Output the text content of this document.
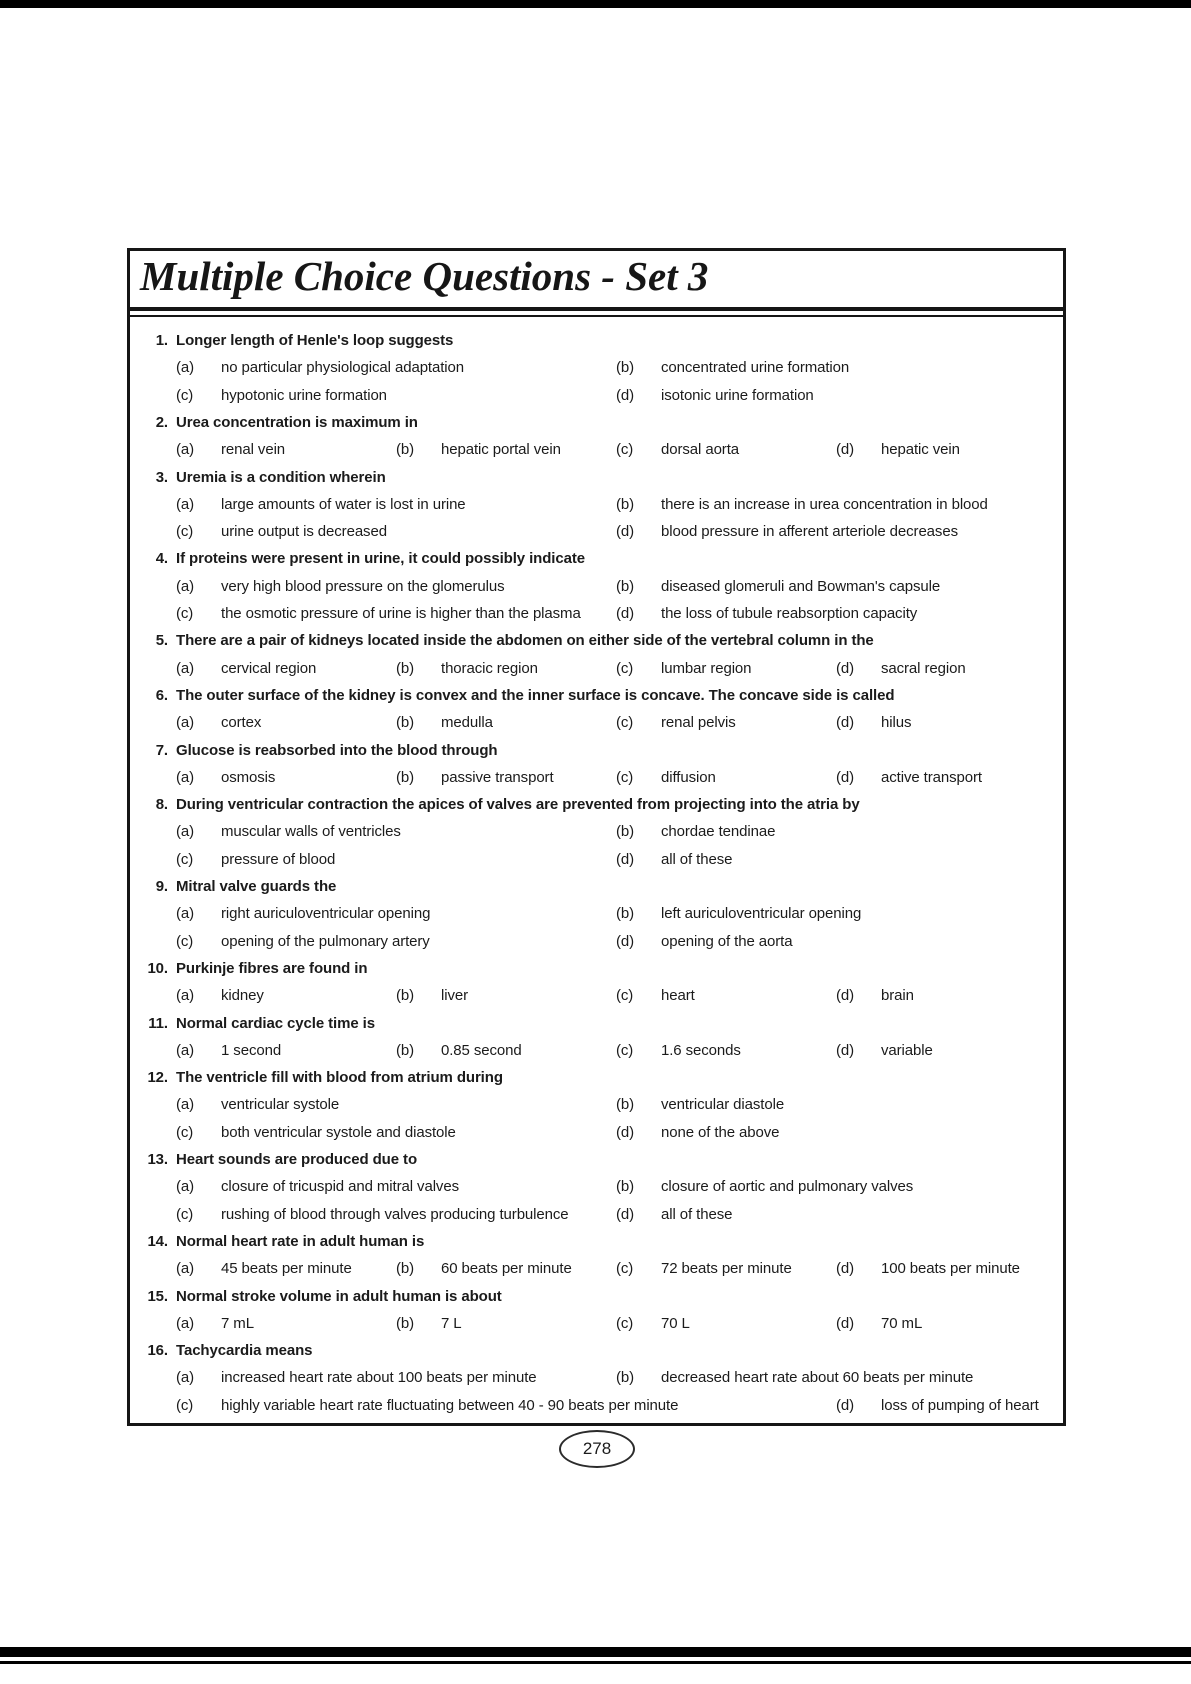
Multiple Choice Questions - Set 3
1. Longer length of Henle's loop suggests
(a) no particular physiological adaptation	(b) concentrated urine formation
(c) hypotonic urine formation	(d) isotonic urine formation
2. Urea concentration is maximum in
(a) renal vein	(b) hepatic portal vein	(c) dorsal aorta	(d) hepatic vein
3. Uremia is a condition wherein
(a) large amounts of water is lost in urine	(b) there is an increase in urea concentration in blood
(c) urine output is decreased	(d) blood pressure in afferent arteriole decreases
4. If proteins were present in urine, it could possibly indicate
(a) very high blood pressure on the glomerulus	(b) diseased glomeruli and Bowman's capsule
(c) the osmotic pressure of urine is higher than the plasma (d) the loss of tubule reabsorption capacity
5. There are a pair of kidneys located inside the abdomen on either side of the vertebral column in the
(a) cervical region	(b) thoracic region	(c) lumbar region	(d) sacral region
6. The outer surface of the kidney is convex and the inner surface is concave. The concave side is called
(a) cortex	(b) medulla	(c) renal pelvis	(d) hilus
7. Glucose is reabsorbed into the blood through
(a) osmosis	(b) passive transport	(c) diffusion	(d) active transport
8. During ventricular contraction the apices of valves are prevented from projecting into the atria by
(a) muscular walls of ventricles	(b) chordae tendinae
(c) pressure of blood	(d) all of these
9. Mitral valve guards the
(a) right auriculoventricular opening	(b) left auriculoventricular opening
(c) opening of the pulmonary artery	(d) opening of the aorta
10. Purkinje fibres are found in
(a) kidney	(b) liver	(c) heart	(d) brain
11. Normal cardiac cycle time is
(a) 1 second	(b) 0.85 second	(c) 1.6 seconds	(d) variable
12. The ventricle fill with blood from atrium during
(a) ventricular systole	(b) ventricular diastole
(c) both ventricular systole and diastole	(d) none of the above
13. Heart sounds are produced due to
(a) closure of tricuspid and mitral valves	(b) closure of aortic and pulmonary valves
(c) rushing of blood through valves producing turbulence	(d) all of these
14. Normal heart rate in adult human is
(a) 45 beats per minute	(b) 60 beats per minute	(c) 72 beats per minute	(d) 100 beats per minute
15. Normal stroke volume in adult human is about
(a) 7 mL	(b) 7 L	(c) 70 L	(d) 70 mL
16. Tachycardia means
(a) increased heart rate about 100 beats per minute	(b) decreased heart rate about 60 beats per minute
(c) highly variable heart rate fluctuating between 40 - 90 beats per minute	(d) loss of pumping of heart
278
